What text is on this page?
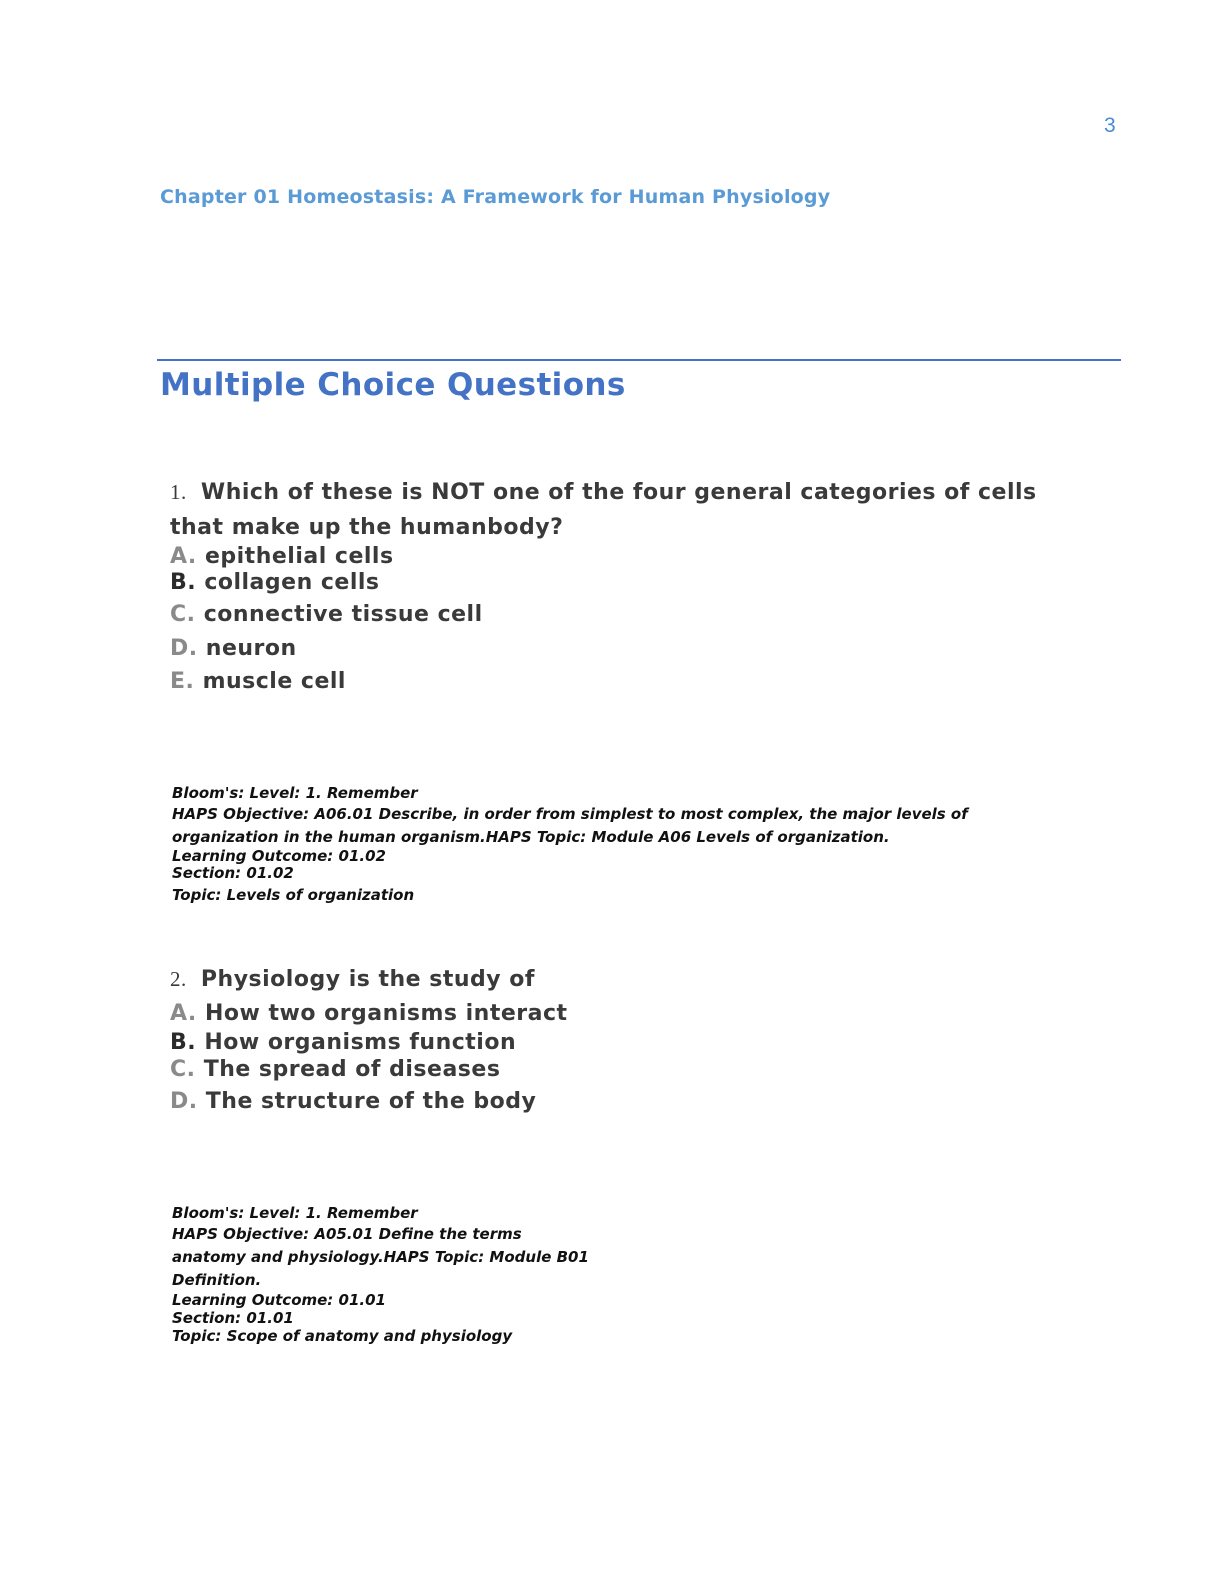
3
Chapter 01 Homeostasis: A Framework for Human Physiology
Multiple Choice Questions
1. Which of these is NOT one of the four general categories of cells
that make up the humanbody?
A. epithelial cells
B. collagen cells
C. connective tissue cell
D. neuron
E. muscle cell
Bloom's: Level: 1. Remember
HAPS Objective: A06.01 Describe, in order from simplest to most complex, the major levels of
organization in the human organism.HAPS Topic: Module A06 Levels of organization.
Learning Outcome: 01.02
Section: 01.02
Topic: Levels of organization
2. Physiology is the study of
A. How two organisms interact
B. How organisms function
C. The spread of diseases
D. The structure of the body
Bloom's: Level: 1. Remember
HAPS Objective: A05.01 Define the terms
anatomy and physiology.HAPS Topic: Module B01
Definition.
Learning Outcome: 01.01
Section: 01.01
Topic: Scope of anatomy and physiology
